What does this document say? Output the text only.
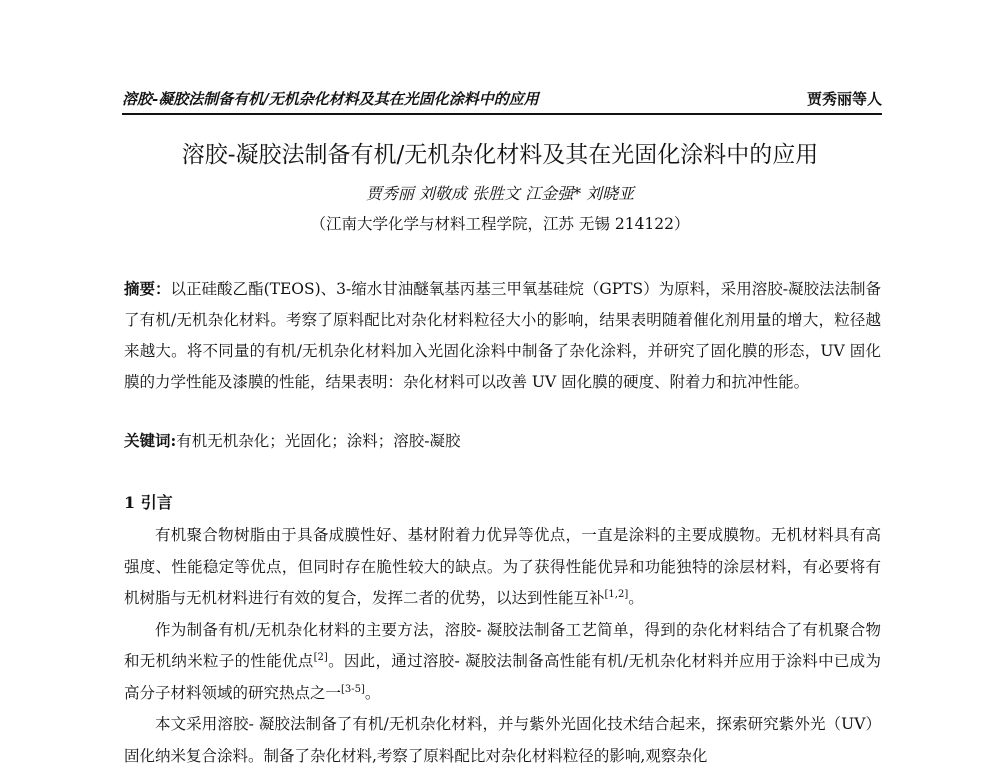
溶胶-凝胶法制备有机/无机杂化材料及其在光固化涂料中的应用	贾秀丽等人
溶胶-凝胶法制备有机/无机杂化材料及其在光固化涂料中的应用
贾秀丽 刘敬成 张胜文 江金强* 刘晓亚
（江南大学化学与材料工程学院，江苏 无锡 214122）
摘要：以正硅酸乙酯(TEOS)、3-缩水甘油醚氧基丙基三甲氧基硅烷（GPTS）为原料，采用溶胶-凝胶法法制备了有机/无机杂化材料。考察了原料配比对杂化材料粒径大小的影响，结果表明随着催化剂用量的增大，粒径越来越大。将不同量的有机/无机杂化材料加入光固化涂料中制备了杂化涂料，并研究了固化膜的形态，UV 固化膜的力学性能及漆膜的性能，结果表明：杂化材料可以改善 UV 固化膜的硬度、附着力和抗冲性能。
关键词:有机无机杂化；光固化；涂料；溶胶-凝胶
1 引言

有机聚合物树脂由于具备成膜性好、基材附着力优异等优点，一直是涂料的主要成膜物。无机材料具有高强度、性能稳定等优点，但同时存在脆性较大的缺点。为了获得性能优异和功能独特的涂层材料，有必要将有机树脂与无机材料进行有效的复合，发挥二者的优势，以达到性能互补[1,2]。

作为制备有机/无机杂化材料的主要方法，溶胶- 凝胶法制备工艺简单，得到的杂化材料结合了有机聚合物和无机纳米粒子的性能优点[2]。因此，通过溶胶- 凝胶法制备高性能有机/无机杂化材料并应用于涂料中已成为高分子材料领域的研究热点之一[3-5]。

本文采用溶胶- 凝胶法制备了有机/无机杂化材料，并与紫外光固化技术结合起来，探索研究紫外光（UV）固化纳米复合涂料。制备了杂化材料,考察了原料配比对杂化材料粒径的影响,观察杂化
